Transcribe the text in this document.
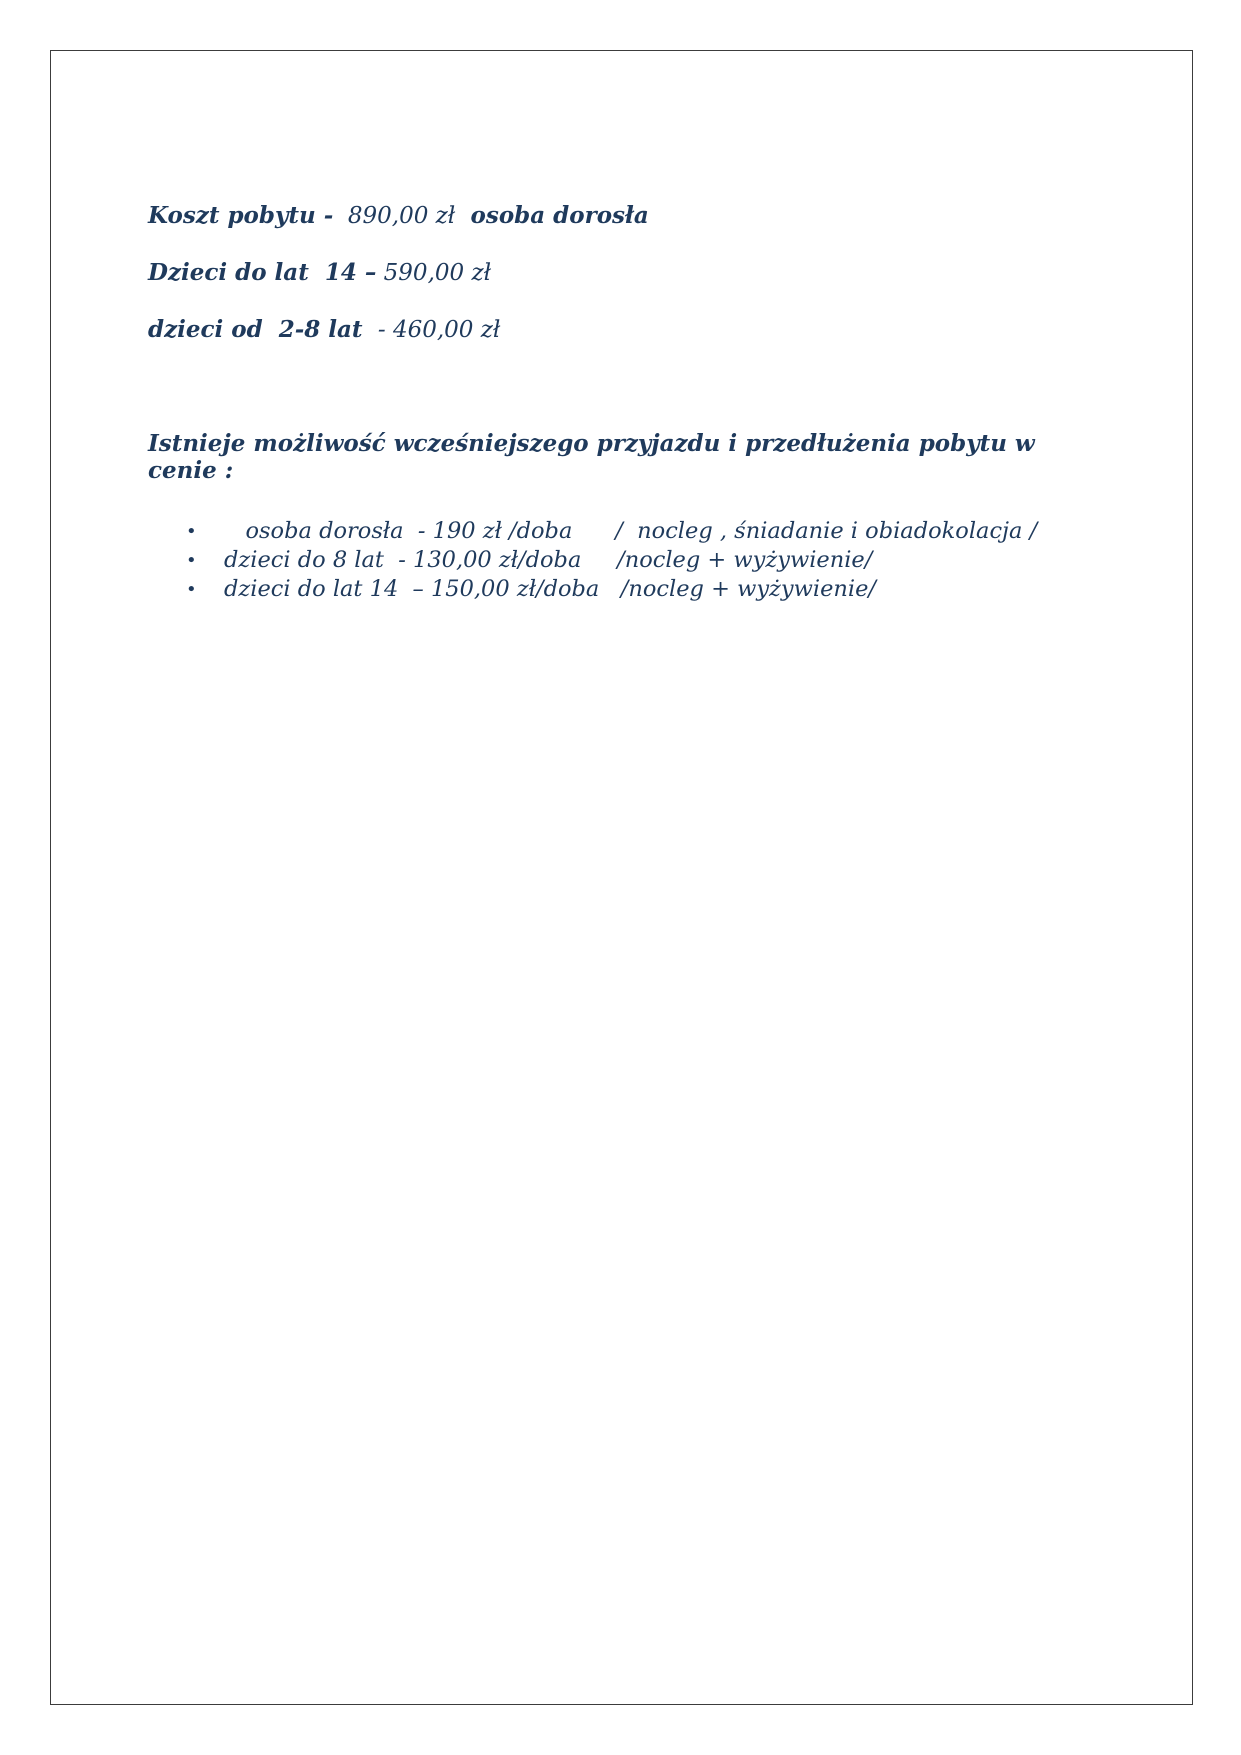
Koszt pobytu -  890,00 zł  osoba dorosła

Dzieci do lat  14 – 590,00 zł

dzieci od  2-8 lat  - 460,00 zł

Istnieje możliwość wcześniejszego przyjazdu i przedłużenia pobytu w cenie :
• osoba dorosła  - 190 zł /doba      /  nocleg , śniadanie i obiadokolacja /
• dzieci do 8 lat  - 130,00 zł/doba     /nocleg + wyżywienie/
• dzieci do lat 14  – 150,00 zł/doba   /nocleg + wyżywienie/
